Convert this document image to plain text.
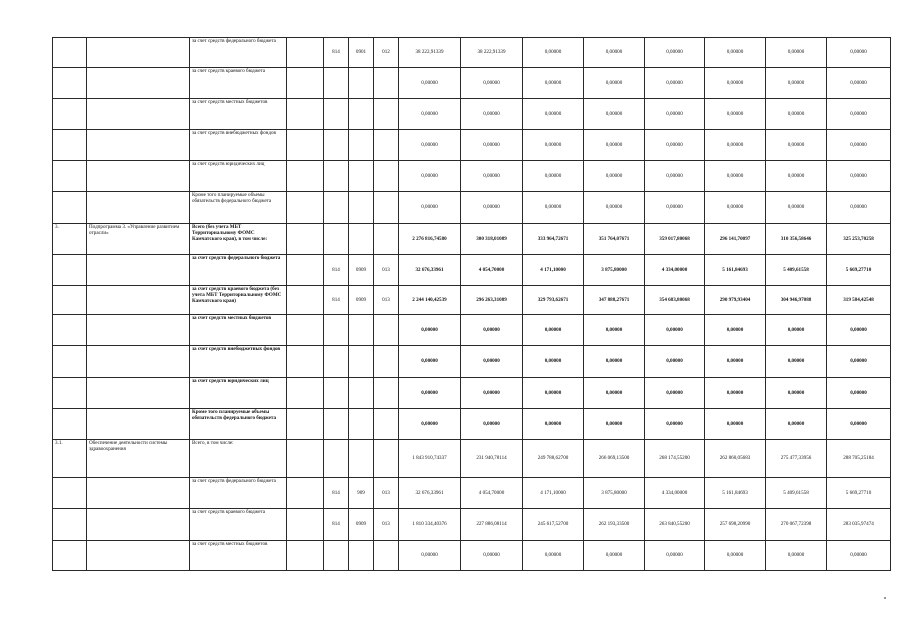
		за счет средств федерального бюджета		814	0901	012	38 222,91339	38 222,91339	0,00000	0,00000	0,00000	0,00000	0,00000	0,00000
		за счет средств краевого бюджета					0,00000	0,00000	0,00000	0,00000	0,00000	0,00000	0,00000	0,00000
		за счет средств местных бюджетов					0,00000	0,00000	0,00000	0,00000	0,00000	0,00000	0,00000	0,00000
		за счет средств внебюджетных фондов					0,00000	0,00000	0,00000	0,00000	0,00000	0,00000	0,00000	0,00000
		за счет средств юридических лиц					0,00000	0,00000	0,00000	0,00000	0,00000	0,00000	0,00000	0,00000
		Кроме того планируемые объемы обязательств федерального бюджета					0,00000	0,00000	0,00000	0,00000	0,00000	0,00000	0,00000	0,00000
3.	Подпрограмма 3. «Управление развитием отрасли»	Всего (без учета МБТ Территориальному ФОМС Камчатского края), в том числе:					2 276 816,74580	300 318,01089	333 964,72671	351 764,07671	359 017,80068	296 141,70097	310 356,58646	325 253,70258
		за счет средств федерального бюджета		814	0909	013	32 676,33961	4 054,70000	4 171,10000	3 875,80000	4 334,00000	5 161,84693	5 409,61558	5 669,27710
		за счет средств краевого бюджета (без учета МБТ Территориальному ФОМС Камчатского края)		814	0909	013	2 244 140,42539	296 263,31089	329 793,62671	347 888,27671	354 683,80068	290 979,93404	304 946,97088	319 584,42548
		за счет средств местных бюджетов					0,00000	0,00000	0,00000	0,00000	0,00000	0,00000	0,00000	0,00000
		за счет средств внебюджетных фондов					0,00000	0,00000	0,00000	0,00000	0,00000	0,00000	0,00000	0,00000
		за счет средств юридических лиц					0,00000	0,00000	0,00000	0,00000	0,00000	0,00000	0,00000	0,00000
		Кроме того планируемые объемы обязательств федерального бюджета					0,00000	0,00000	0,00000	0,00000	0,00000	0,00000	0,00000	0,00000
3.1.	Обеспечение деятельности системы здравоохранения	Всего, в том числе:					1 843 910,74337	231 940,78114	249 788,62700	266 069,13500	268 174,55200	262 860,05683	275 477,33956	288 705,25184
		за счет средств федерального бюджета		814	909	013	32 676,33961	4 054,70000	4 171,10000	3 875,80000	4 334,00000	5 161,84693	5 409,61558	5 669,27710
		за счет средств краевого бюджета		814	0909	013	1 810 334,40376	227 886,08114	245 617,52700	262 193,33500	263 840,55200	257 698,20990	270 067,72398	283 035,97474
		за счет средств местных бюджетов					0,00000	0,00000	0,00000	0,00000	0,00000	0,00000	0,00000	0,00000
